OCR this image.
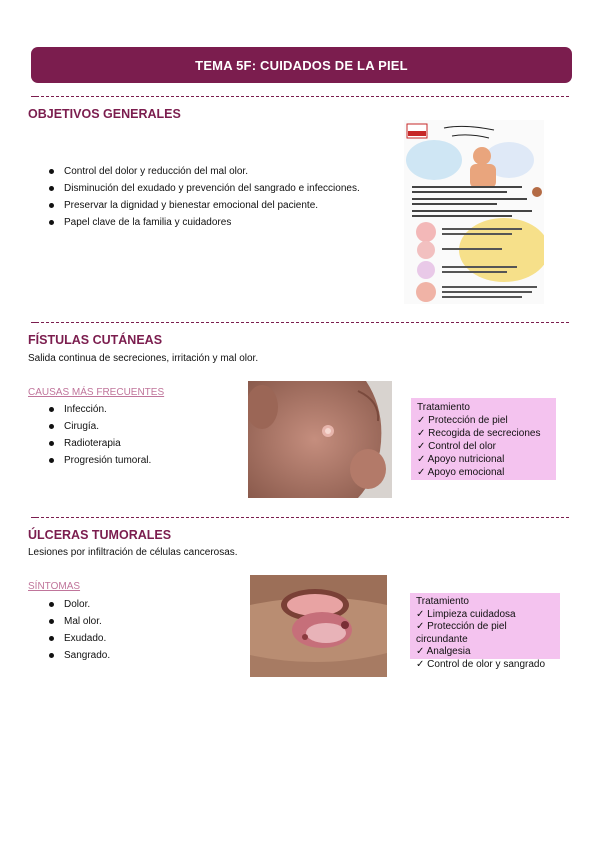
TEMA 5F: CUIDADOS DE LA PIEL
OBJETIVOS GENERALES
Control del dolor y reducción del mal olor.
Disminución del exudado y prevención del sangrado e infecciones.
Preservar la dignidad y bienestar emocional del paciente.
Papel clave de la familia y cuidadores
FÍSTULAS CUTÁNEAS
Salida continua de secreciones, irritación y mal olor.
CAUSAS MÁS FRECUENTES
Infección.
Cirugía.
Radioterapia
Progresión tumoral.
Tratamiento
✓ Protección de piel
✓ Recogida de secreciones
✓ Control del olor
✓ Apoyo nutricional
✓ Apoyo emocional
ÚLCERAS TUMORALES
Lesiones por infiltración de células cancerosas.
SÍNTOMAS
Dolor.
Mal olor.
Exudado.
Sangrado.
Tratamiento
✓ Limpieza cuidadosa
✓ Protección de piel circundante
✓ Analgesia
✓ Control de olor y sangrado
